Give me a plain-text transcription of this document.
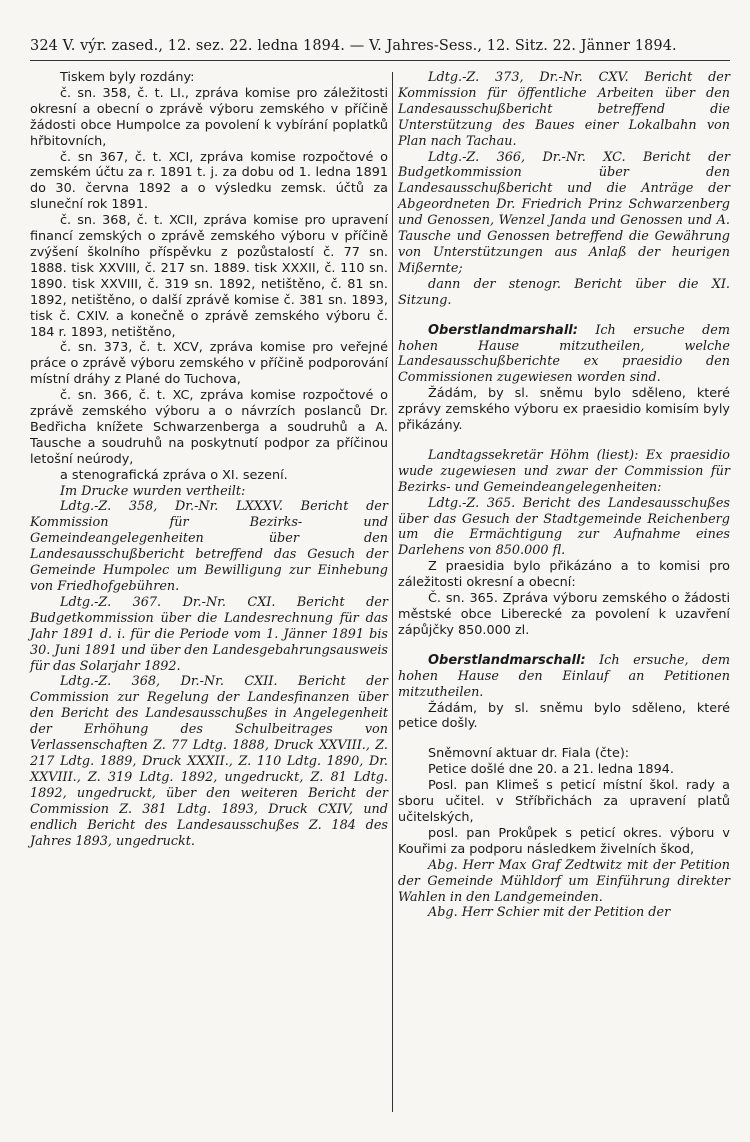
324 V. výr. zased., 12. sez. 22. ledna 1894. — V. Jahres-Sess., 12. Sitz. 22. Jänner 1894.

Tiskem byly rozdány:

č. sn. 358, č. t. LI., zpráva komise pro záležitosti okresní a obecní o zprávě výboru zemského v příčině žádosti obce Humpolce za povolení k vybírání poplatků hřbitovních,

č. sn 367, č. t. XCI, zpráva komise rozpočtové o zemském účtu za r. 1891 t. j. za dobu od 1. ledna 1891 do 30. června 1892 a o výsledku zemsk. účtů za sluneční rok 1891.

č. sn. 368, č. t. XCII, zpráva komise pro upravení financí zemských o zprávě zemského výboru v příčině zvýšení školního příspěvku z pozůstalostí č. 77 sn. 1888. tisk XXVIII, č. 217 sn. 1889. tisk XXXII, č. 110 sn. 1890. tisk XXVIII, č. 319 sn. 1892, netištěno, č. 81 sn. 1892, netištěno, o další zprávě komise č. 381 sn. 1893, tisk č. CXIV. a konečně o zprávě zemského výboru č. 184 r. 1893, netištěno,

č. sn. 373, č. t. XCV, zpráva komise pro veřejné práce o zprávě výboru zemského v příčině podporování místní dráhy z Plané do Tuchova,

č. sn. 366, č. t. XC, zpráva komise rozpočtové o zprávě zemského výboru a o návrzích poslanců Dr. Bedřicha knížete Schwarzenberga a soudruhů a A. Tausche a soudruhů na poskytnutí podpor za příčinou letošní neúrody,

a stenografická zpráva o XI. sezení.

Im Drucke wurden vertheilt:

Ldtg.-Z. 358, Dr.-Nr. LXXXV. Bericht der Kommission für Bezirks- und Gemeindeangelegenheiten über den Landesausschußbericht betreffend das Gesuch der Gemeinde Humpolec um Bewilligung zur Einhebung von Friedhofgebühren.

Ldtg.-Z. 367. Dr.-Nr. CXI. Bericht der Budgetkommission über die Landesrechnung für das Jahr 1891 d. i. für die Periode vom 1. Jänner 1891 bis 30. Juni 1891 und über den Landesgebahrungsausweis für das Solarjahr 1892.

Ldtg.-Z. 368, Dr.-Nr. CXII. Bericht der Commission zur Regelung der Landesfinanzen über den Bericht des Landesausschußes in Angelegenheit der Erhöhung des Schulbeitrages von Verlassenschaften Z. 77 Ldtg. 1888, Druck XXVIII., Z. 217 Ldtg. 1889, Druck XXXII., Z. 110 Ldtg. 1890, Dr. XXVIII., Z. 319 Ldtg. 1892, ungedruckt, Z. 81 Ldtg. 1892, ungedruckt, über den weiteren Bericht der Commission Z. 381 Ldtg. 1893, Druck CXIV, und endlich Bericht des Landesausschußes Z. 184 des Jahres 1893, ungedruckt.

Ldtg.-Z. 373, Dr.-Nr. CXV. Bericht der Kommission für öffentliche Arbeiten über den Landesausschußbericht betreffend die Unterstützung des Baues einer Lokalbahn von Plan nach Tachau.

Ldtg.-Z. 366, Dr.-Nr. XC. Bericht der Budgetkommission über den Landesausschußbericht und die Anträge der Abgeordneten Dr. Friedrich Prinz Schwarzenberg und Genossen, Wenzel Janda und Genossen und A. Tausche und Genossen betreffend die Gewährung von Unterstützungen aus Anlaß der heurigen Mißernte;

dann der stenogr. Bericht über die XI. Sitzung.

Oberstlandmarshall: Ich ersuche dem hohen Hause mitzutheilen, welche Landesausschußberichte ex praesidio den Commissionen zugewiesen worden sind.

Žádám, by sl. sněmu bylo sděleno, které zprávy zemského výboru ex praesidio komisím byly přikázány.

Landtagssekretär Höhm (liest): Ex praesidio wude zugewiesen und zwar der Commission für Bezirks- und Gemeindeangelegenheiten:

Ldtg.-Z. 365. Bericht des Landesausschußes über das Gesuch der Stadtgemeinde Reichenberg um die Ermächtigung zur Aufnahme eines Darlehens von 850.000 fl.

Z praesidia bylo přikázáno a to komisi pro záležitosti okresní a obecní:

Č. sn. 365. Zpráva výboru zemského o žádosti městské obce Liberecké za povolení k uzavření zápůjčky 850.000 zl.

Oberstlandmarschall: Ich ersuche, dem hohen Hause den Einlauf an Petitionen mitzutheilen.

Žádám, by sl. sněmu bylo sděleno, které petice došly.

Sněmovní aktuar dr. Fiala (čte):

Petice došlé dne 20. a 21. ledna 1894.

Posl. pan Klimeš s peticí místní škol. rady a sboru učitel. v Stříbřichách za upravení platů učitelských,

posl. pan Prokůpek s peticí okres. výboru v Kouřimi za podporu následkem živelních škod,

Abg. Herr Max Graf Zedtwitz mit der Petition der Gemeinde Mühldorf um Einführung direkter Wahlen in den Landgemeinden.

Abg. Herr Schier mit der Petition der
